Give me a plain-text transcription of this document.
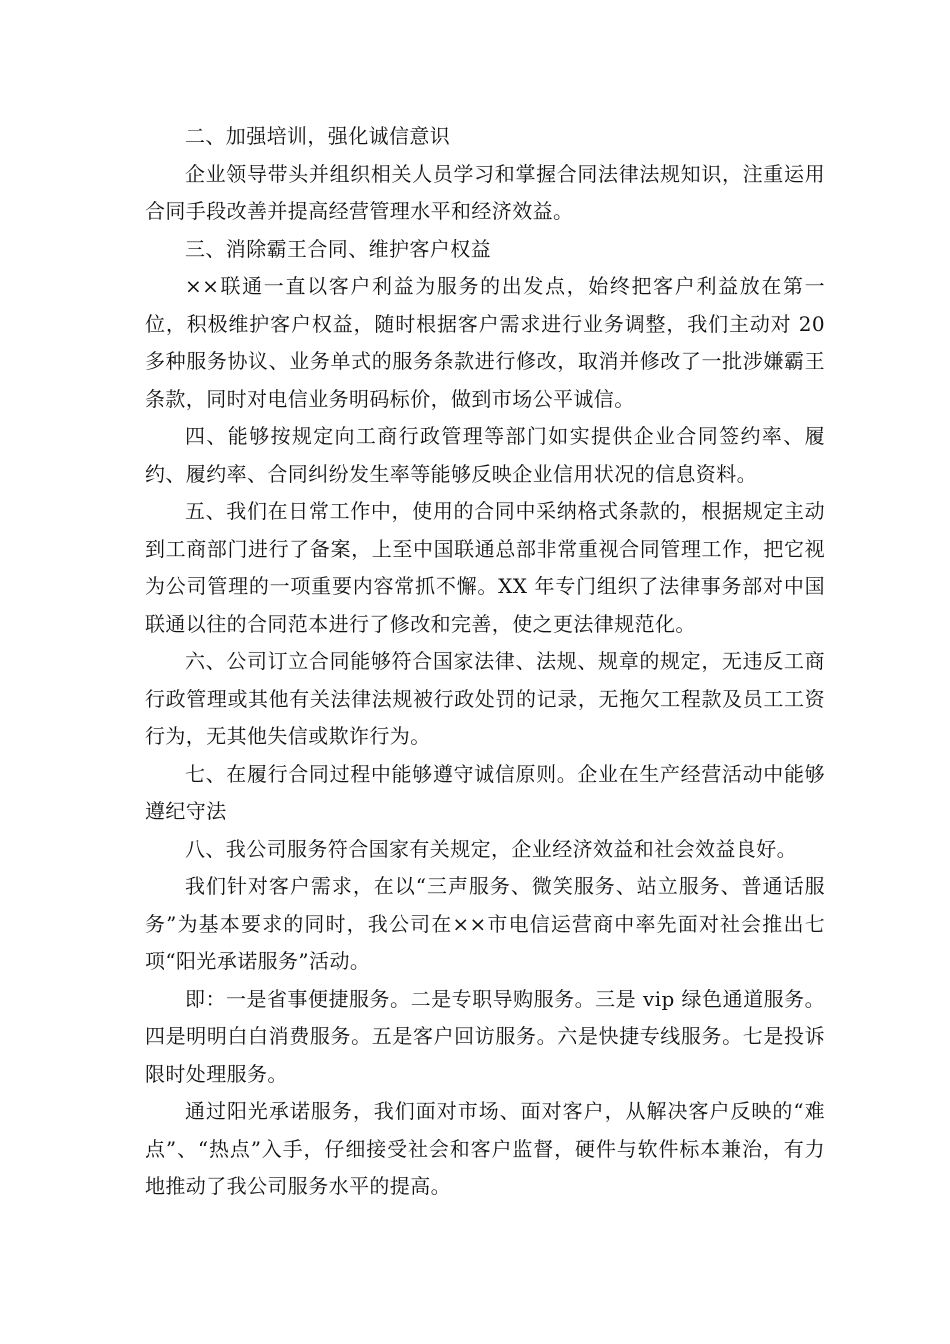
二、加强培训，强化诚信意识

企业领导带头并组织相关人员学习和掌握合同法律法规知识，注重运用合同手段改善并提高经营管理水平和经济效益。

三、消除霸王合同、维护客户权益

××联通一直以客户利益为服务的出发点，始终把客户利益放在第一位，积极维护客户权益，随时根据客户需求进行业务调整，我们主动对 20 多种服务协议、业务单式的服务条款进行修改，取消并修改了一批涉嫌霸王条款，同时对电信业务明码标价，做到市场公平诚信。

四、能够按规定向工商行政管理等部门如实提供企业合同签约率、履约、履约率、合同纠纷发生率等能够反映企业信用状况的信息资料。

五、我们在日常工作中，使用的合同中采纳格式条款的，根据规定主动到工商部门进行了备案，上至中国联通总部非常重视合同管理工作，把它视为公司管理的一项重要内容常抓不懈。XX 年专门组织了法律事务部对中国联通以往的合同范本进行了修改和完善，使之更法律规范化。

六、公司订立合同能够符合国家法律、法规、规章的规定，无违反工商行政管理或其他有关法律法规被行政处罚的记录，无拖欠工程款及员工工资行为，无其他失信或欺诈行为。

七、在履行合同过程中能够遵守诚信原则。企业在生产经营活动中能够遵纪守法

八、我公司服务符合国家有关规定，企业经济效益和社会效益良好。

我们针对客户需求，在以“三声服务、微笑服务、站立服务、普通话服务”为基本要求的同时，我公司在××市电信运营商中率先面对社会推出七项“阳光承诺服务”活动。

即：一是省事便捷服务。二是专职导购服务。三是 vip 绿色通道服务。四是明明白白消费服务。五是客户回访服务。六是快捷专线服务。七是投诉限时处理服务。

通过阳光承诺服务，我们面对市场、面对客户，从解决客户反映的“难点”、“热点”入手，仔细接受社会和客户监督，硬件与软件标本兼治，有力地推动了我公司服务水平的提高。
